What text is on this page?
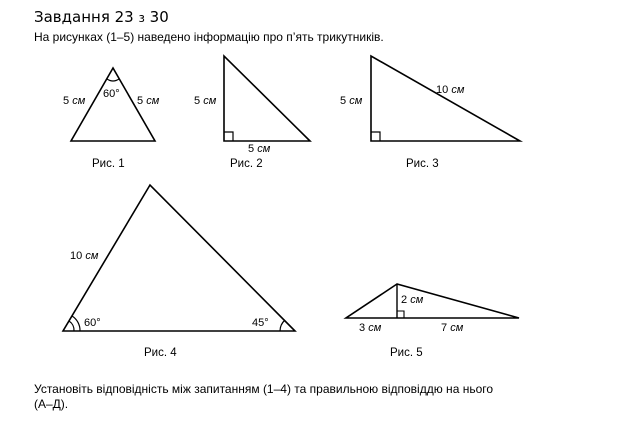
Завдання 23 з 30
На рисунках (1–5) наведено інформацію про п’ять трикутників.
5 см	5 см
60°
Рис. 1
5 см
5 см
Рис. 2
5 см
10 см
Рис. 3
10 см
60°	45°
Рис. 4
2 см
3 см	7 см
Рис. 5
Установіть відповідність між запитанням (1–4) та правильною відповіддю на нього (А–Д).
